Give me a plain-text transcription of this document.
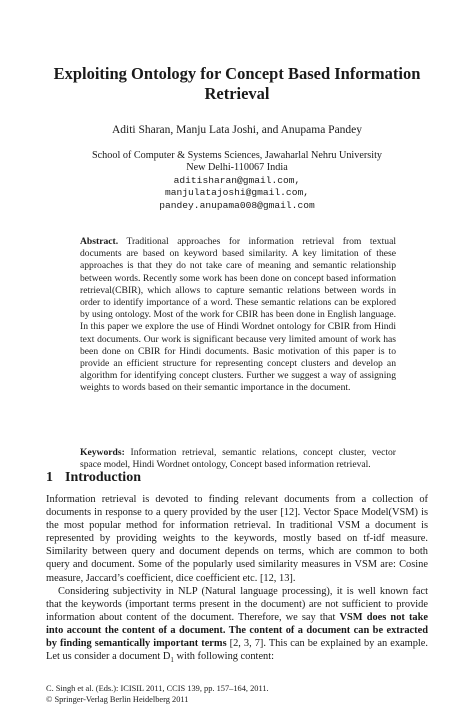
Exploiting Ontology for Concept Based Information
Retrieval
Aditi Sharan, Manju Lata Joshi, and Anupama Pandey
School of Computer & Systems Sciences, Jawaharlal Nehru University
New Delhi-110067 India
aditisharan@gmail.com,
manjulatajoshi@gmail.com,
pandey.anupama008@gmail.com

Abstract. Traditional approaches for information retrieval from textual documents are based on keyword based similarity. A key limitation of these approaches is that they do not take care of meaning and semantic relationship between words. Recently some work has been done on concept based information retrieval(CBIR), which allows to capture semantic relations between words in order to identify importance of a word. These semantic relations can be explored by using ontology. Most of the work for CBIR has been done in English language. In this paper we explore the use of Hindi Wordnet ontology for CBIR from Hindi text documents. Our work is significant because very limited amount of work has been done on CBIR for Hindi documents. Basic motivation of this paper is to provide an efficient structure for representing concept clusters and develop an algorithm for identifying concept clusters. Further we suggest a way of assigning weights to words based on their semantic importance in the document.

Keywords: Information retrieval, semantic relations, concept cluster, vector space model, Hindi Wordnet ontology, Concept based information retrieval.

1 Introduction

Information retrieval is devoted to finding relevant documents from a collection of documents in response to a query provided by the user [12]. Vector Space Model(VSM) is the most popular method for information retrieval. In traditional VSM a document is represented by providing weights to the keywords, mostly based on tf-idf measure. Similarity between query and document depends on terms, which are common to both query and document. Some of the popularly used similarity measures in VSM are: Cosine measure, Jaccard’s coefficient, dice coefficient etc. [12, 13].

Considering subjectivity in NLP (Natural language processing), it is well known fact that the keywords (important terms present in the document) are not sufficient to provide information about content of the document. Therefore, we say that VSM does not take into account the content of a document. The content of a document can be extracted by finding semantically important terms [2, 3, 7]. This can be explained by an example. Let us consider a document $D_1$ with following content:

C. Singh et al. (Eds.): ICISIL 2011, CCIS 139, pp. 157–164, 2011.
© Springer-Verlag Berlin Heidelberg 2011
